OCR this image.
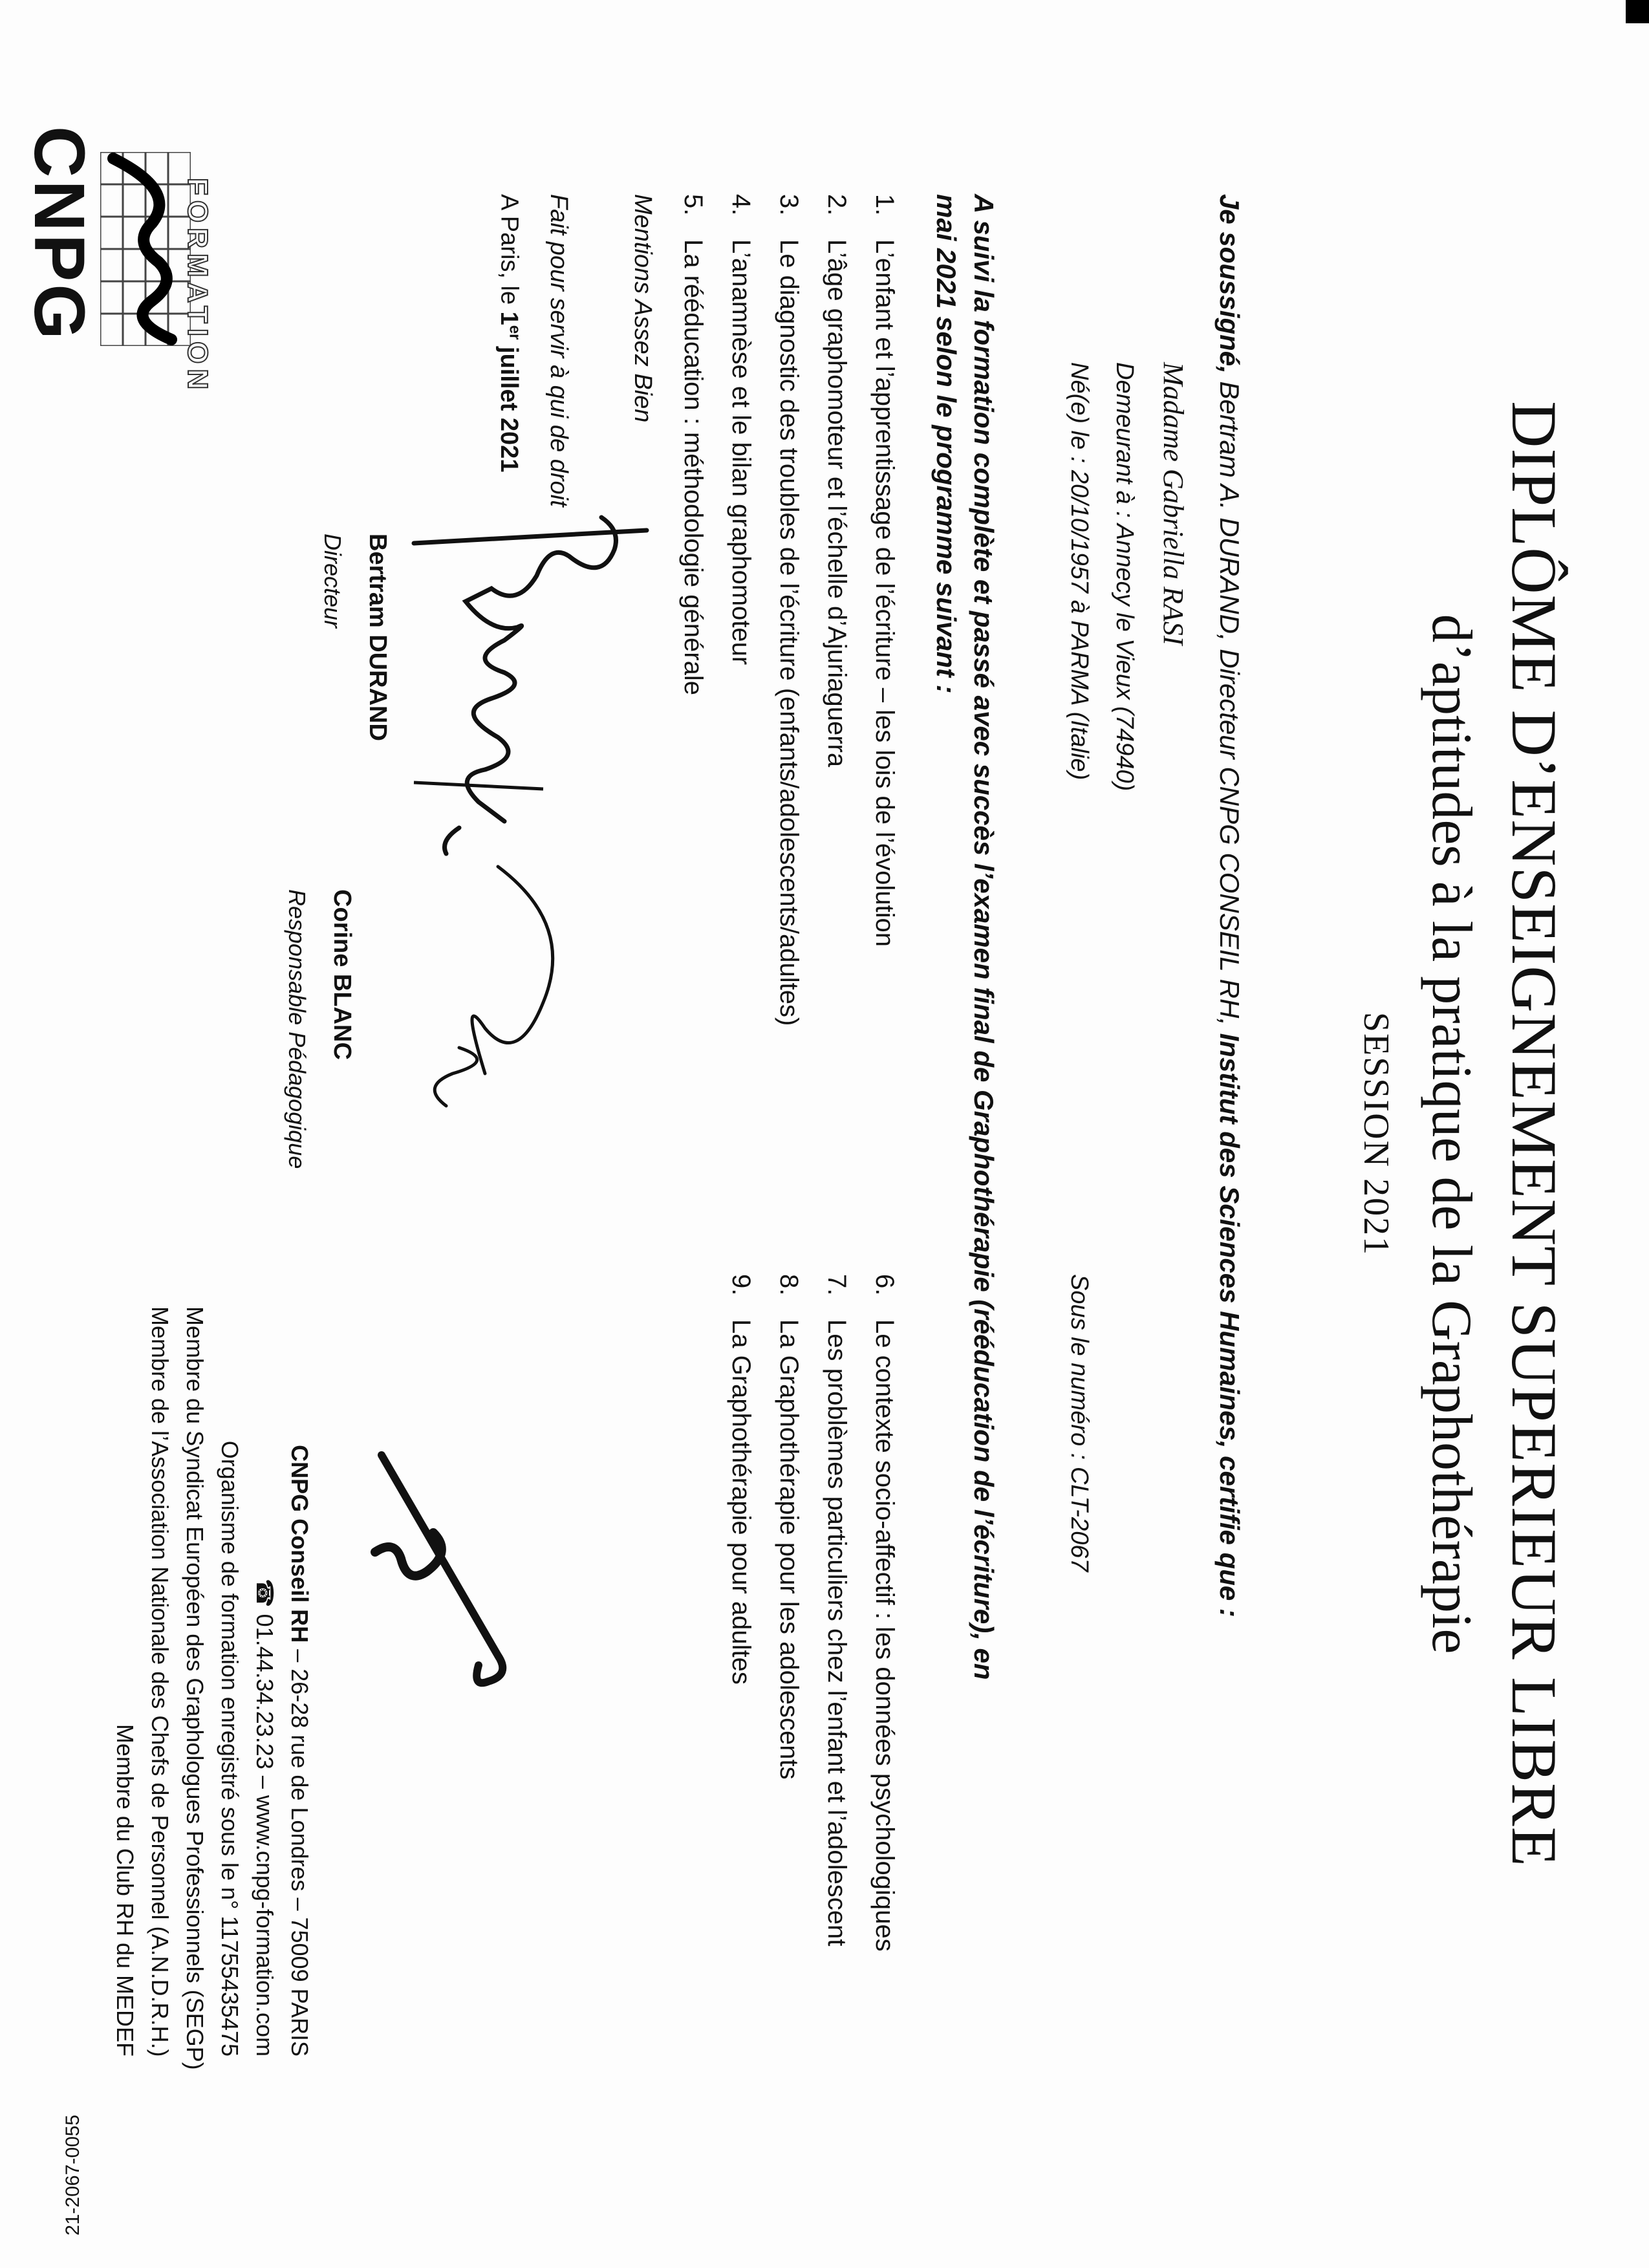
DIPLÔME D’ENSEIGNEMENT SUPERIEUR LIBRE
d’aptitudes à la pratique de la Graphothérapie
SESSION 2021
Je soussigné, Bertram A. DURAND, Directeur CNPG CONSEIL RH, Institut des Sciences Humaines, certifie que :
Madame Gabriella RASI
Demeurant à : Annecy le Vieux (74940)
Né(e) le : 20/10/1957 à PARMA (Italie)
Sous le numéro : CLT-2067
A suivi la formation complète et passé avec succès l’examen final de Graphothérapie (rééducation de l’écriture), en mai 2021 selon le programme suivant :
1.L’enfant et l’apprentissage de l’écriture – les lois de l’évolution
2.L’âge graphomoteur et l’échelle d’Ajuriaguerra
3.Le diagnostic des troubles de l’écriture (enfants/adolescents/adultes)
4.L’anamnèse et le bilan graphomoteur
5.La rééducation : méthodologie générale
6.Le contexte socio-affectif : les données psychologiques
7.Les problèmes particuliers chez l’enfant et l’adolescent
8.La Graphothérapie pour les adolescents
9.La Graphothérapie pour adultes
Mentions Assez Bien
Fait pour servir à qui de droit
A Paris, le 1er juillet 2021
Bertram DURAND
Directeur
Corine BLANC
Responsable Pédagogique

CNPG Conseil RH – 26-28 rue de Londres – 75009 PARIS

☎ 01.44.34.23.23 – www.cnpg-formation.com

Organisme de formation enregistré sous le n° 11755435475

Membre du Syndicat Européen des Graphologues Professionnels (SEGP)

Membre de l’Association Nationale des Chefs de Personnel (A.N.D.R.H.)

Membre du Club RH du MEDEF

FORMATION
CNPG
21-2067-0055
